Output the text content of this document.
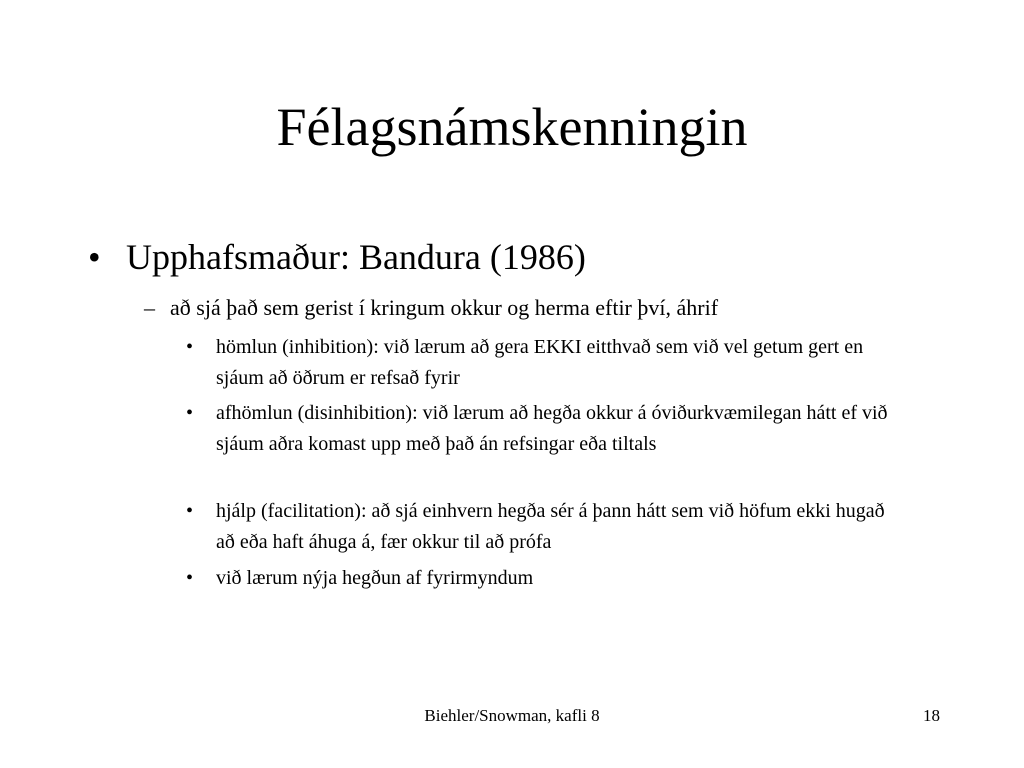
Félagsnámskenningin
• Upphafsmaður: Bandura (1986)
– að sjá það sem gerist í kringum okkur og herma eftir því, áhrif
• hömlun (inhibition): við lærum að gera EKKI eitthvað sem við vel getum gert en sjáum að öðrum er refsað fyrir
• afhömlun (disinhibition): við lærum að hegða okkur á óviðurkvæmilegan hátt ef við sjáum aðra komast upp með það án refsingar eða tiltals
• hjálp (facilitation): að sjá einhvern hegða sér á þann hátt sem við höfum ekki hugað að eða haft áhuga á, fær okkur til að prófa
• við lærum nýja hegðun af fyrirmyndum
Biehler/Snowman, kafli 8	18
